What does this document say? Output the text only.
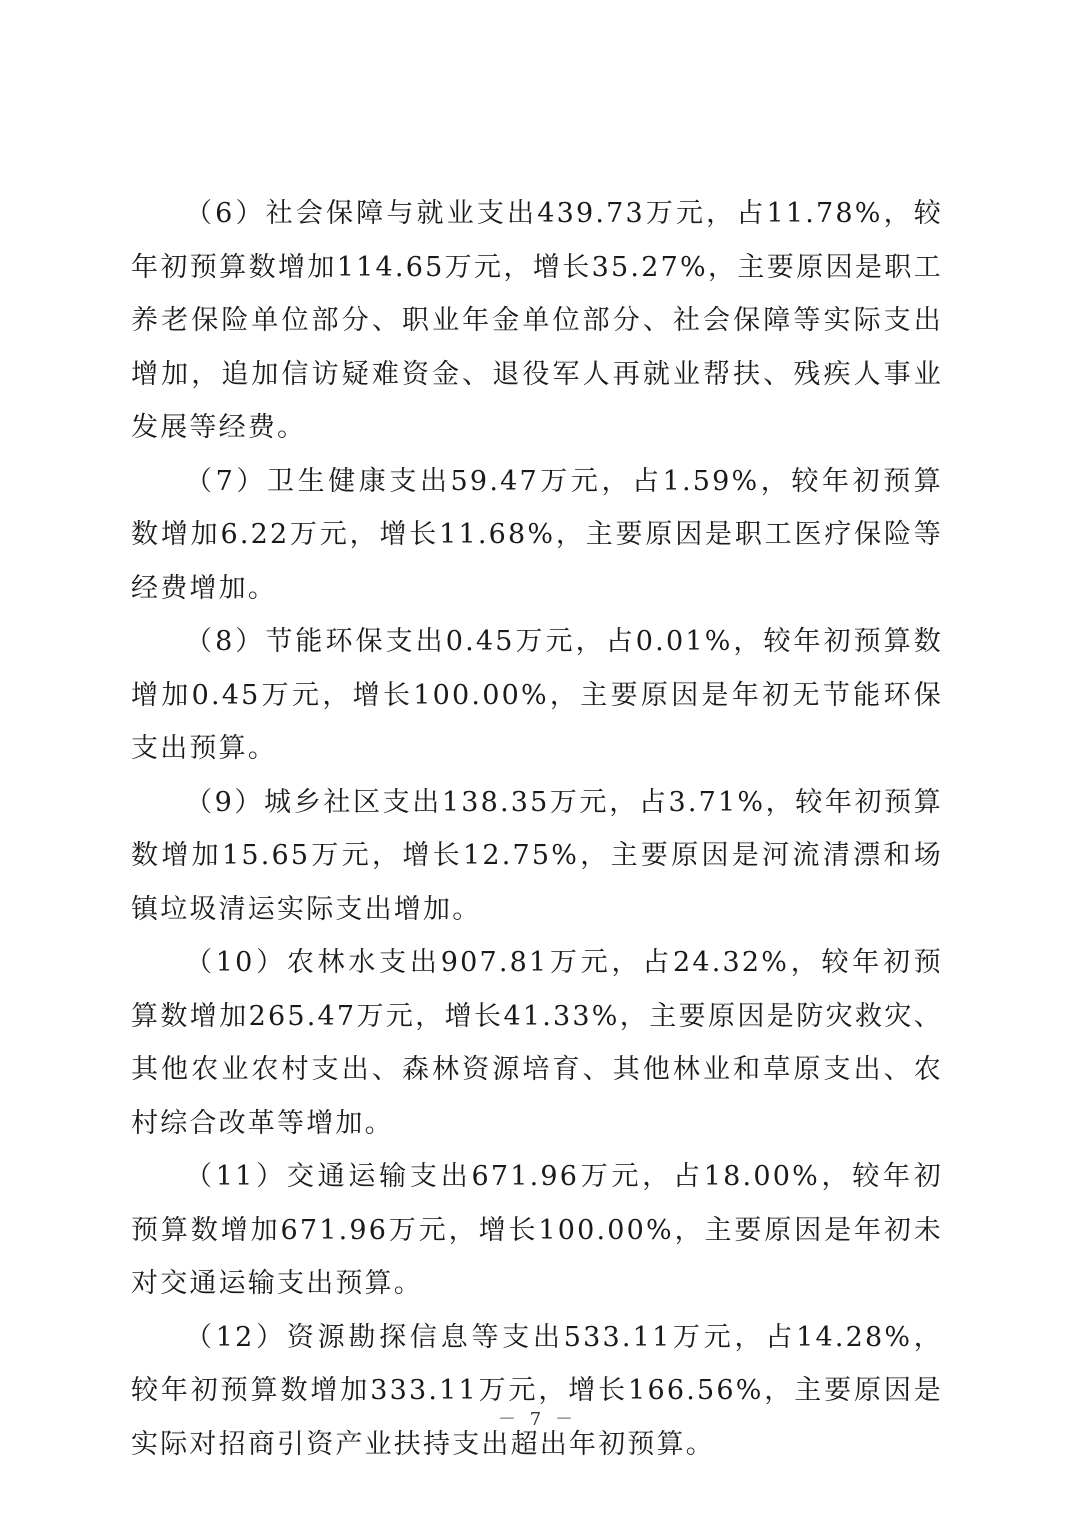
（6）社会保障与就业支出439.73万元，占11.78%，较年初预算数增加114.65万元，增长35.27%，主要原因是职工养老保险单位部分、职业年金单位部分、社会保障等实际支出增加，追加信访疑难资金、退役军人再就业帮扶、残疾人事业发展等经费。

（7）卫生健康支出59.47万元，占1.59%，较年初预算数增加6.22万元，增长11.68%，主要原因是职工医疗保险等经费增加。

（8）节能环保支出0.45万元，占0.01%，较年初预算数增加0.45万元，增长100.00%，主要原因是年初无节能环保支出预算。

（9）城乡社区支出138.35万元，占3.71%，较年初预算数增加15.65万元，增长12.75%，主要原因是河流清漂和场镇垃圾清运实际支出增加。

（10）农林水支出907.81万元，占24.32%，较年初预算数增加265.47万元，增长41.33%，主要原因是防灾救灾、其他农业农村支出、森林资源培育、其他林业和草原支出、农村综合改革等增加。

（11）交通运输支出671.96万元，占18.00%，较年初预算数增加671.96万元，增长100.00%，主要原因是年初未对交通运输支出预算。

（12）资源勘探信息等支出533.11万元，占14.28%，较年初预算数增加333.11万元，增长166.56%，主要原因是实际对招商引资产业扶持支出超出年初预算。

－ 7 －
